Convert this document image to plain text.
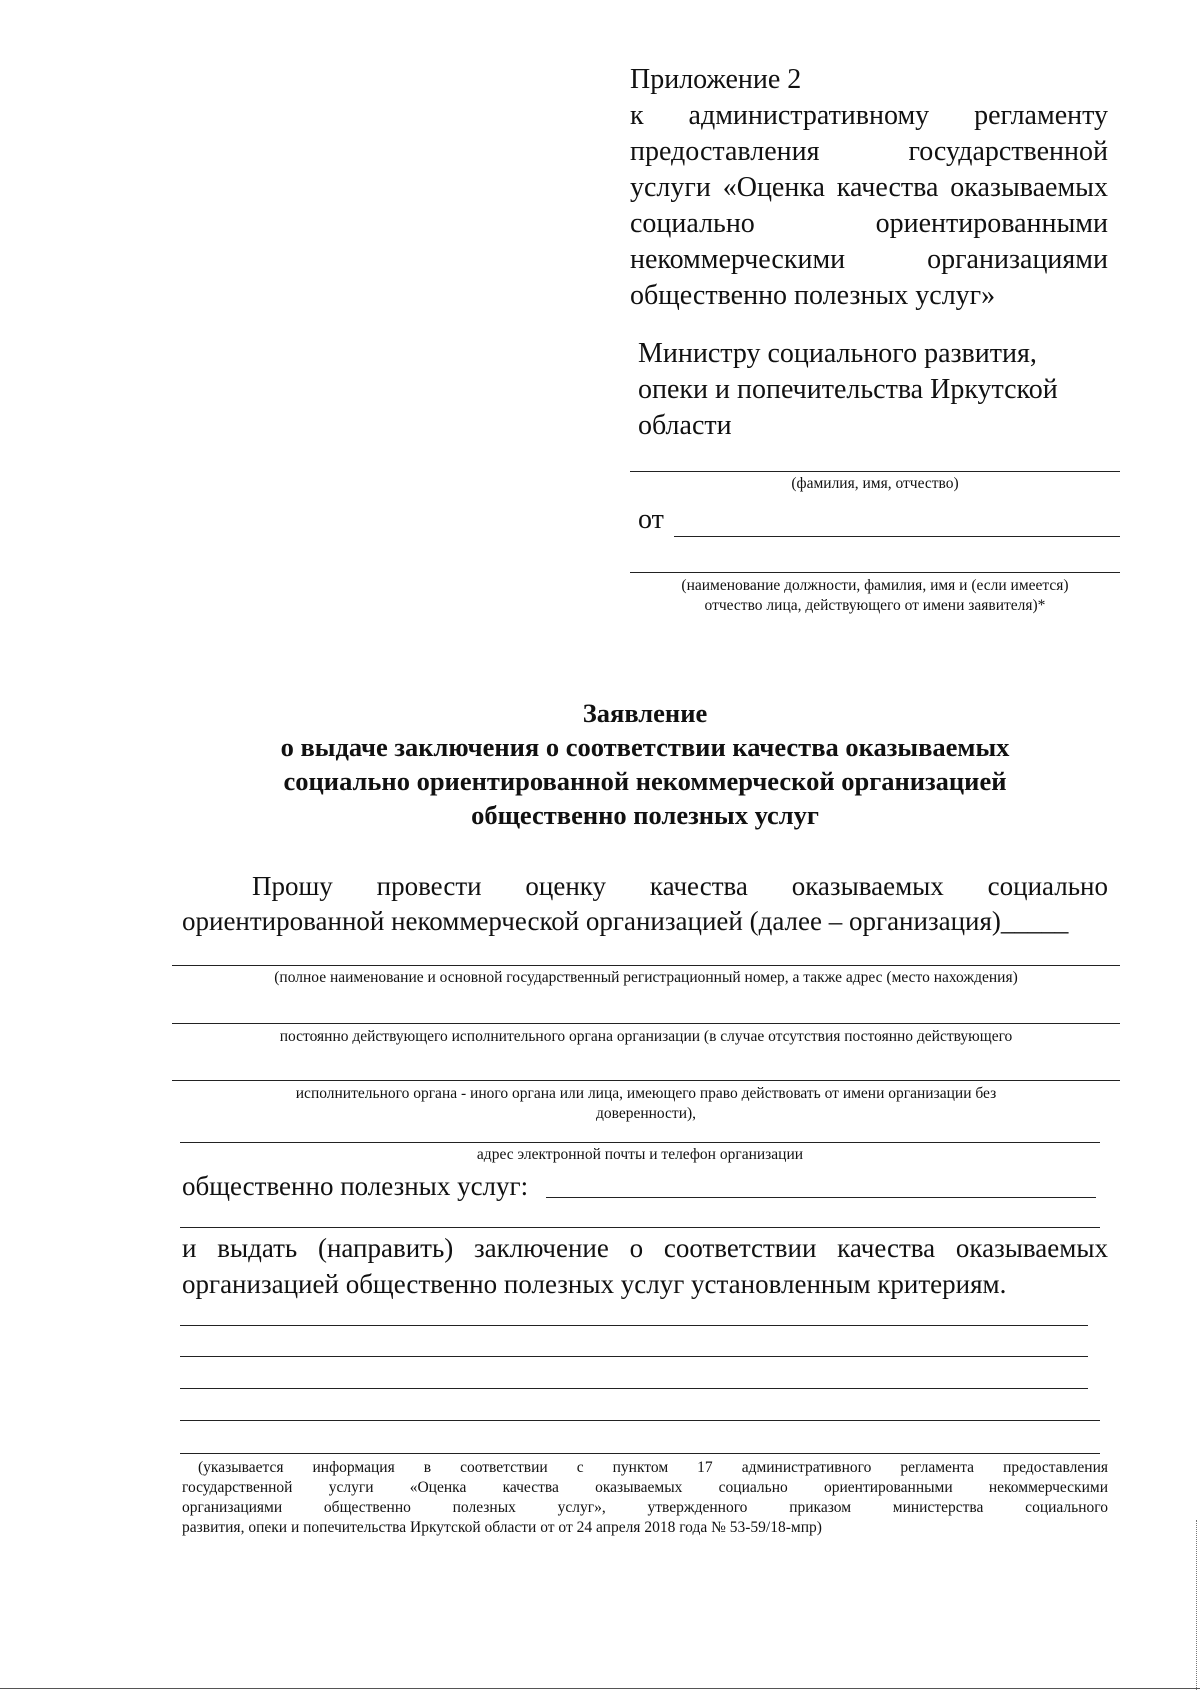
Приложение 2
к административному регламенту
предоставления государственной
услуги «Оценка качества оказываемых
социально ориентированными
некоммерческими организациями
общественно полезных услуг»
Министру социального развития,
опеки и попечительства Иркутской
области
(фамилия, имя, отчество)
от
(наименование должности, фамилия, имя и (если имеется)
отчество лица, действующего от имени заявителя)*
Заявление
о выдаче заключения о соответствии качества оказываемых
социально ориентированной некоммерческой организацией
общественно полезных услуг
Прошу провести оценку качества оказываемых социально
ориентированной некоммерческой организацией (далее – организация)_____
(полное наименование и основной государственный регистрационный номер, а также адрес (место нахождения)
постоянно действующего исполнительного органа организации (в случае отсутствия постоянно действующего
исполнительного органа - иного органа или лица, имеющего право действовать от имени организации без
доверенности),
адрес электронной почты и телефон организации
общественно полезных услуг:
и выдать (направить) заключение о соответствии качества оказываемых
организацией общественно полезных услуг установленным критериям.
(указывается информация в соответствии с пунктом 17 административного регламента предоставления
государственной услуги «Оценка качества оказываемых социально ориентированными некоммерческими
организациями общественно полезных услуг», утвержденного приказом министерства социального
развития, опеки и попечительства Иркутской области от от 24 апреля 2018 года № 53-59/18-мпр)
